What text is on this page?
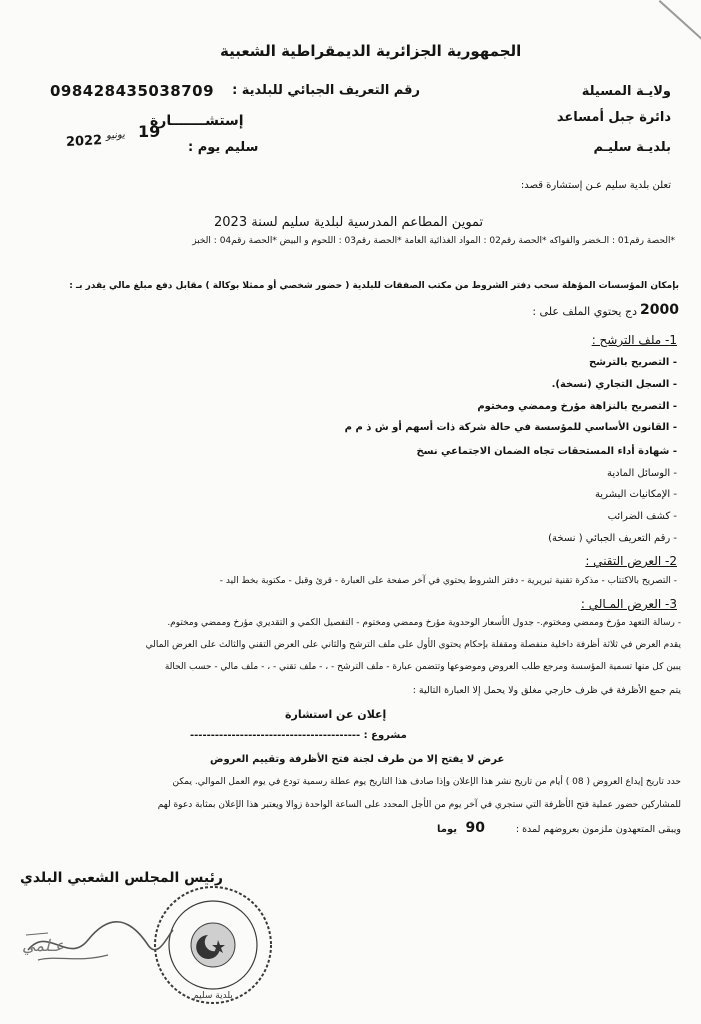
الجمهورية الجزائرية الديمقراطية الشعبية
ولايـة المسيلة
دائرة جبل أمساعد
بلديـة سليـم
098428435038709 رقم التعريف الجبائي للبلدية :
إستشـــــــارة
سليم يوم :
2022 يونيو 19
تعلن بلدية سليم عـن إستشارة قصد:
تموين المطاعم المدرسية لبلدية سليم لسنة 2023
*الحصة رقم01 : الـخضر والفواكه *الحصة رقم02 : المواد الغذائية العامة *الحصة رقم03 : اللحوم و البيض *الحصة رقم04 : الخبز
بإمكان المؤسسات المؤهلة سحب دفتر الشروط من مكتب الصفقات للبلدية ( حضور شخصي أو ممثلا بوكالة ) مقابل دفع مبلغ مالي يقدر بـ :
2000
دج يحتوي الملف على :
1- ملف الترشح :
- التصريح بالترشح
- السجل التجاري (نسخة).
- التصريح بالنزاهة مؤرخ وممضي ومختوم
- القانون الأساسي للمؤسسة في حالة شركة ذات أسهم أو ش ذ م م
- شهادة أداء المستحقات تجاه الضمان الاجتماعي نسخ
- الوسائل المادية
- الإمكانيات البشرية
- كشف الضرائب
- رقم التعريف الجبائي ( نسخة)
2- العرض التقني :
- التصريح بالاكتتاب - مذكرة تقنية تبريرية - دفتر الشروط يحتوي في آخر صفحة على العبارة - قرئ وقبل - مكتوبة بخط اليد -
3- العرض المـالي :
- رسالة التعهد مؤرخ وممضي ومختوم.- جدول الأسعار الوحدوية مؤرخ وممضي ومختوم - التفصيل الكمي و التقديري مؤرخ وممضي ومختوم.
يقدم العرض في ثلاثة أظرفة داخلية منفصلة ومقفلة بإحكام يحتوي الأول على ملف الترشح والثاني على العرض التقني والثالث على العرض المالي
يبين كل منها تسمية المؤسسة ومرجع طلب العروض وموضوعها وتتضمن عبارة - ملف الترشح - ، - ملف تقني - ، - ملف مالي - حسب الحالة
يتم جمع الأظرفة في ظرف خارجي مغلق ولا يحمل إلا العبارة التالية :
إعلان عن استشارة
مشروع : -----------------------------------------
عرض لا يفتح إلا من طرف لجنة فتح الأظرفة وتقييم العروض
حدد تاريخ إيداع العروض ( 08 ) أيام من تاريخ نشر هذا الإعلان وإذا صادف هذا التاريخ يوم عطلة رسمية تودع في يوم العمل الموالي. يمكن
للمشاركين حضور عملية فتح الأظرفة التي ستجري في آخر يوم من الأجل المحدد على الساعة الواحدة زوالا ويعتبر هذا الإعلان بمثابة دعوة لهم
ويبقى المتعهدون ملزمون بعروضهم لمدة :
90
يوما
رئيس المجلس الشعبي البلدي
بلدية سليم
عـلمي
